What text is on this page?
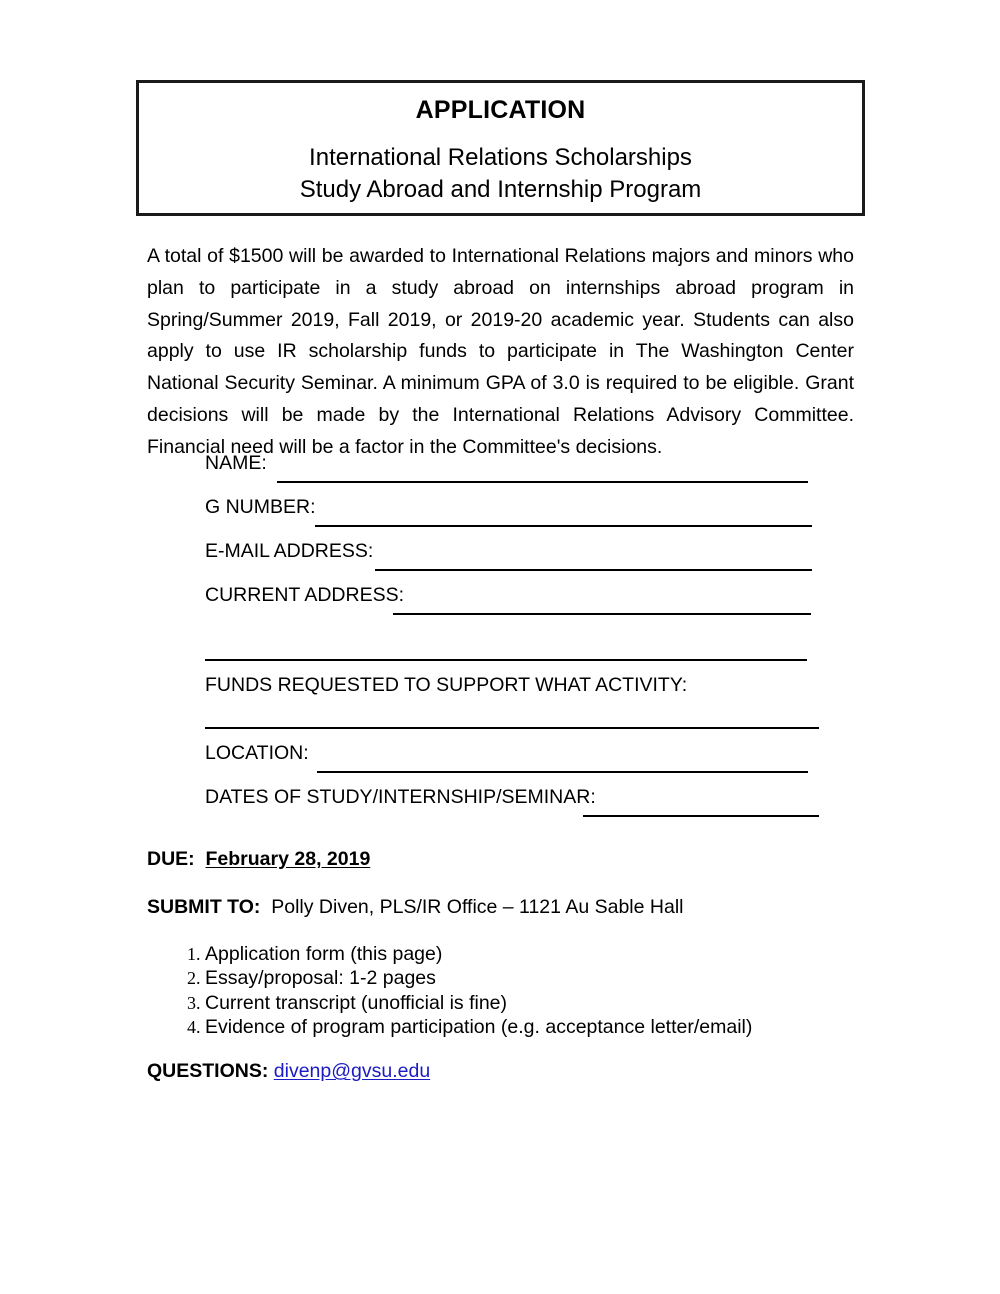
APPLICATION
International Relations Scholarships
Study Abroad and Internship Program
A total of $1500 will be awarded to International Relations majors and minors who plan to participate in a study abroad on internships abroad program in Spring/Summer 2019, Fall 2019, or 2019-20 academic year. Students can also apply to use IR scholarship funds to participate in The Washington Center National Security Seminar. A minimum GPA of 3.0 is required to be eligible. Grant decisions will be made by the International Relations Advisory Committee. Financial need will be a factor in the Committee's decisions.
NAME:
G NUMBER:
E-MAIL ADDRESS:
CURRENT ADDRESS:
FUNDS REQUESTED TO SUPPORT WHAT ACTIVITY:
LOCATION:
DATES OF STUDY/INTERNSHIP/SEMINAR:
DUE: February 28, 2019
SUBMIT TO: Polly Diven, PLS/IR Office – 1121 Au Sable Hall
1. Application form (this page)
2. Essay/proposal: 1-2 pages
3. Current transcript (unofficial is fine)
4. Evidence of program participation (e.g. acceptance letter/email)
QUESTIONS: divenp@gvsu.edu
